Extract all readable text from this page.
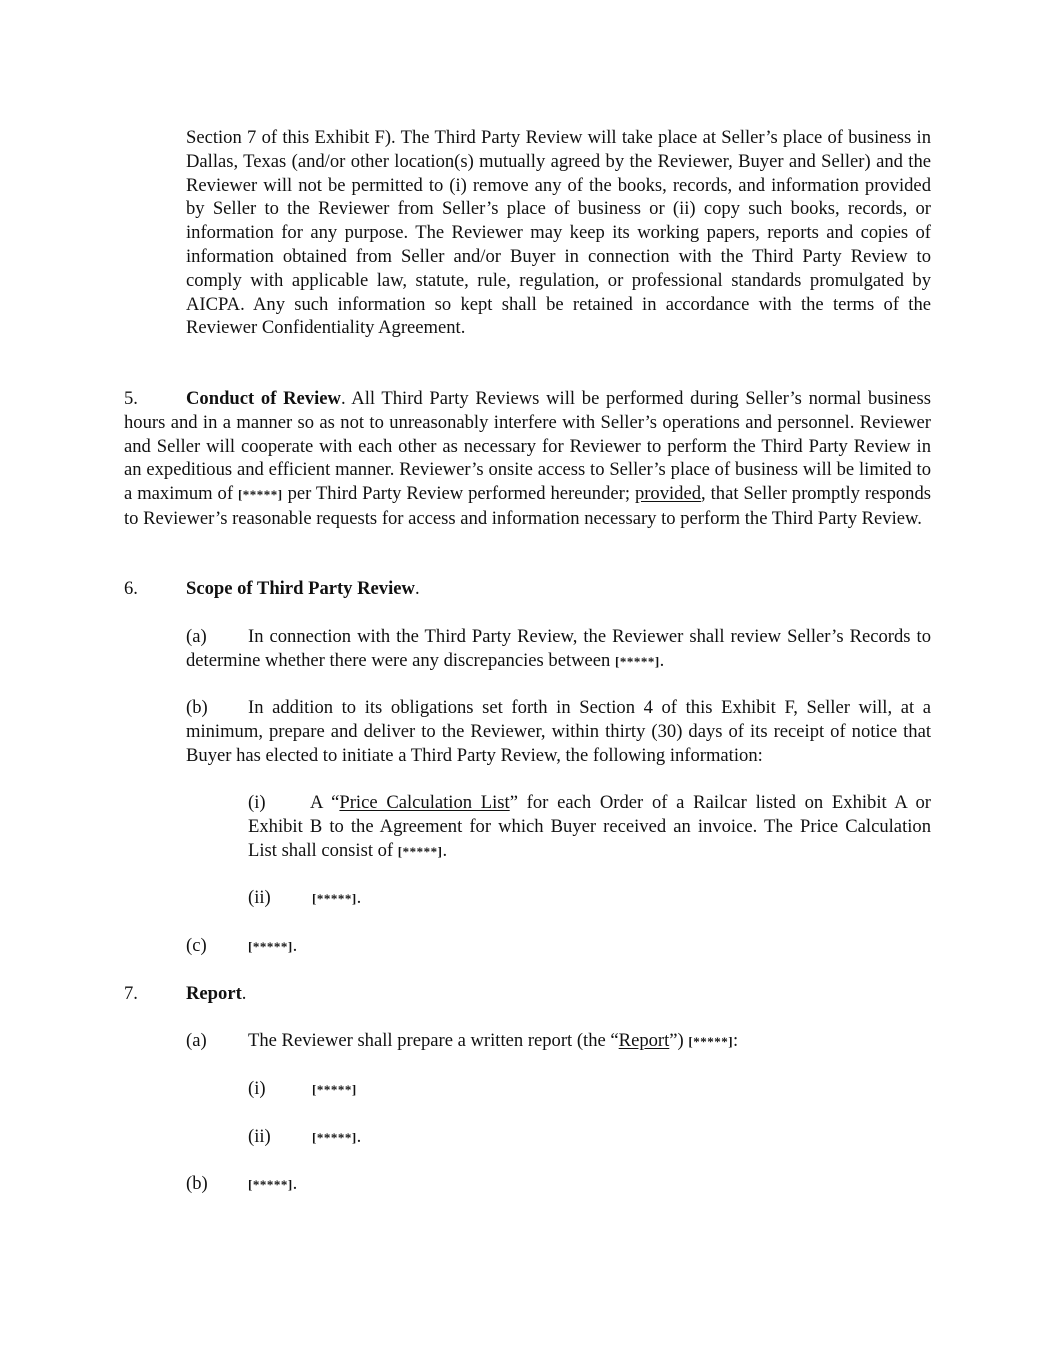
Section 7 of this Exhibit F). The Third Party Review will take place at Seller’s place of business in Dallas, Texas (and/or other location(s) mutually agreed by the Reviewer, Buyer and Seller) and the Reviewer will not be permitted to (i) remove any of the books, records, and information provided by Seller to the Reviewer from Seller’s place of business or (ii) copy such books, records, or information for any purpose. The Reviewer may keep its working papers, reports and copies of information obtained from Seller and/or Buyer in connection with the Third Party Review to comply with applicable law, statute, rule, regulation, or professional standards promulgated by AICPA. Any such information so kept shall be retained in accordance with the terms of the Reviewer Confidentiality Agreement.

5.	Conduct of Review. All Third Party Reviews will be performed during Seller’s normal business hours and in a manner so as not to unreasonably interfere with Seller’s operations and personnel. Reviewer and Seller will cooperate with each other as necessary for Reviewer to perform the Third Party Review in an expeditious and efficient manner. Reviewer’s onsite access to Seller’s place of business will be limited to a maximum of [*****] per Third Party Review performed hereunder; provided, that Seller promptly responds to Reviewer’s reasonable requests for access and information necessary to perform the Third Party Review.

6.	Scope of Third Party Review.

(a) In connection with the Third Party Review, the Reviewer shall review Seller’s Records to determine whether there were any discrepancies between [*****].

(b) In addition to its obligations set forth in Section 4 of this Exhibit F, Seller will, at a minimum, prepare and deliver to the Reviewer, within thirty (30) days of its receipt of notice that Buyer has elected to initiate a Third Party Review, the following information:

(i) A “Price Calculation List” for each Order of a Railcar listed on Exhibit A or Exhibit B to the Agreement for which Buyer received an invoice. The Price Calculation List shall consist of [*****].

(ii)	[*****].
(c)	[*****].
7.	Report.
(a) The Reviewer shall prepare a written report (the “Report”) [*****]:
(i)	[*****]
(ii)	[*****].
(b)	[*****].
